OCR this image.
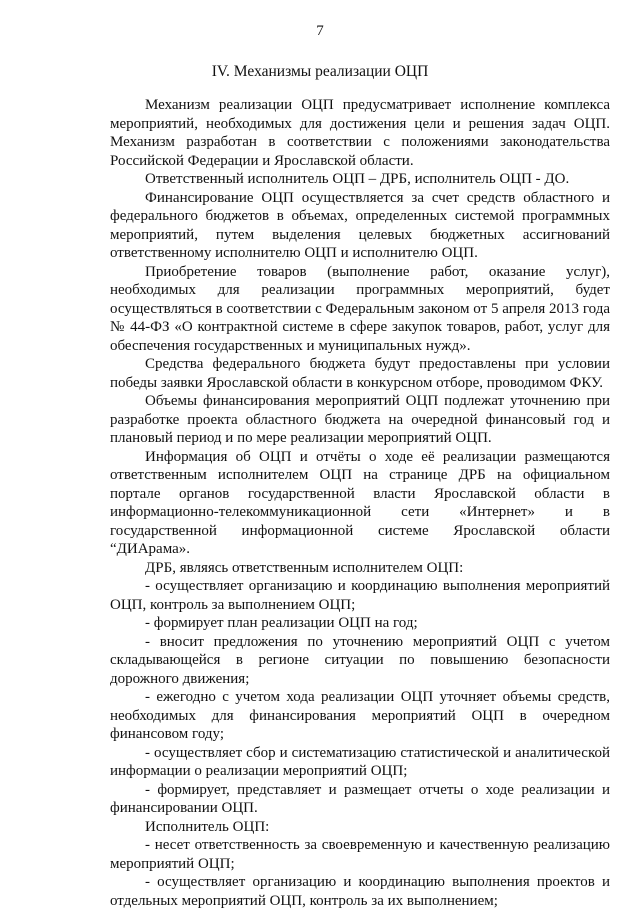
7
IV. Механизмы реализации ОЦП

Механизм реализации ОЦП предусматривает исполнение комплекса мероприятий, необходимых для достижения цели и решения задач ОЦП. Механизм разработан в соответствии с положениями законодательства Российской Федерации и Ярославской области.

Ответственный исполнитель ОЦП – ДРБ, исполнитель ОЦП - ДО.

Финансирование ОЦП осуществляется за счет средств областного и федерального бюджетов в объемах, определенных системой программных мероприятий, путем выделения целевых бюджетных ассигнований ответственному исполнителю ОЦП и исполнителю ОЦП.

Приобретение товаров (выполнение работ, оказание услуг), необходимых для реализации программных мероприятий, будет осуществляться в соответствии с Федеральным законом от 5 апреля 2013 года № 44-ФЗ «О контрактной системе в сфере закупок товаров, работ, услуг для обеспечения государственных и муниципальных нужд».

Средства федерального бюджета будут предоставлены при условии победы заявки Ярославской области в конкурсном отборе, проводимом ФКУ.

Объемы финансирования мероприятий ОЦП подлежат уточнению при разработке проекта областного бюджета на очередной финансовый год и плановый период и по мере реализации мероприятий ОЦП.

Информация об ОЦП и отчёты о ходе её реализации размещаются ответственным исполнителем ОЦП на странице ДРБ на официальном портале органов государственной власти Ярославской области в информационно-телекоммуникационной сети «Интернет» и в государственной информационной системе Ярославской области “ДИАрама».

ДРБ, являясь ответственным исполнителем ОЦП:

- осуществляет организацию и координацию выполнения мероприятий ОЦП, контроль за выполнением ОЦП;

- формирует план реализации ОЦП на год;

- вносит предложения по уточнению мероприятий ОЦП с учетом складывающейся в регионе ситуации по повышению безопасности дорожного движения;

- ежегодно с учетом хода реализации ОЦП уточняет объемы средств, необходимых для финансирования мероприятий ОЦП в очередном финансовом году;

- осуществляет сбор и систематизацию статистической и аналитической информации о реализации мероприятий ОЦП;

- формирует, представляет и размещает отчеты о ходе реализации и финансировании ОЦП.

Исполнитель ОЦП:

- несет ответственность за своевременную и качественную реализацию мероприятий ОЦП;

- осуществляет организацию и координацию выполнения проектов и отдельных мероприятий ОЦП, контроль за их выполнением;
